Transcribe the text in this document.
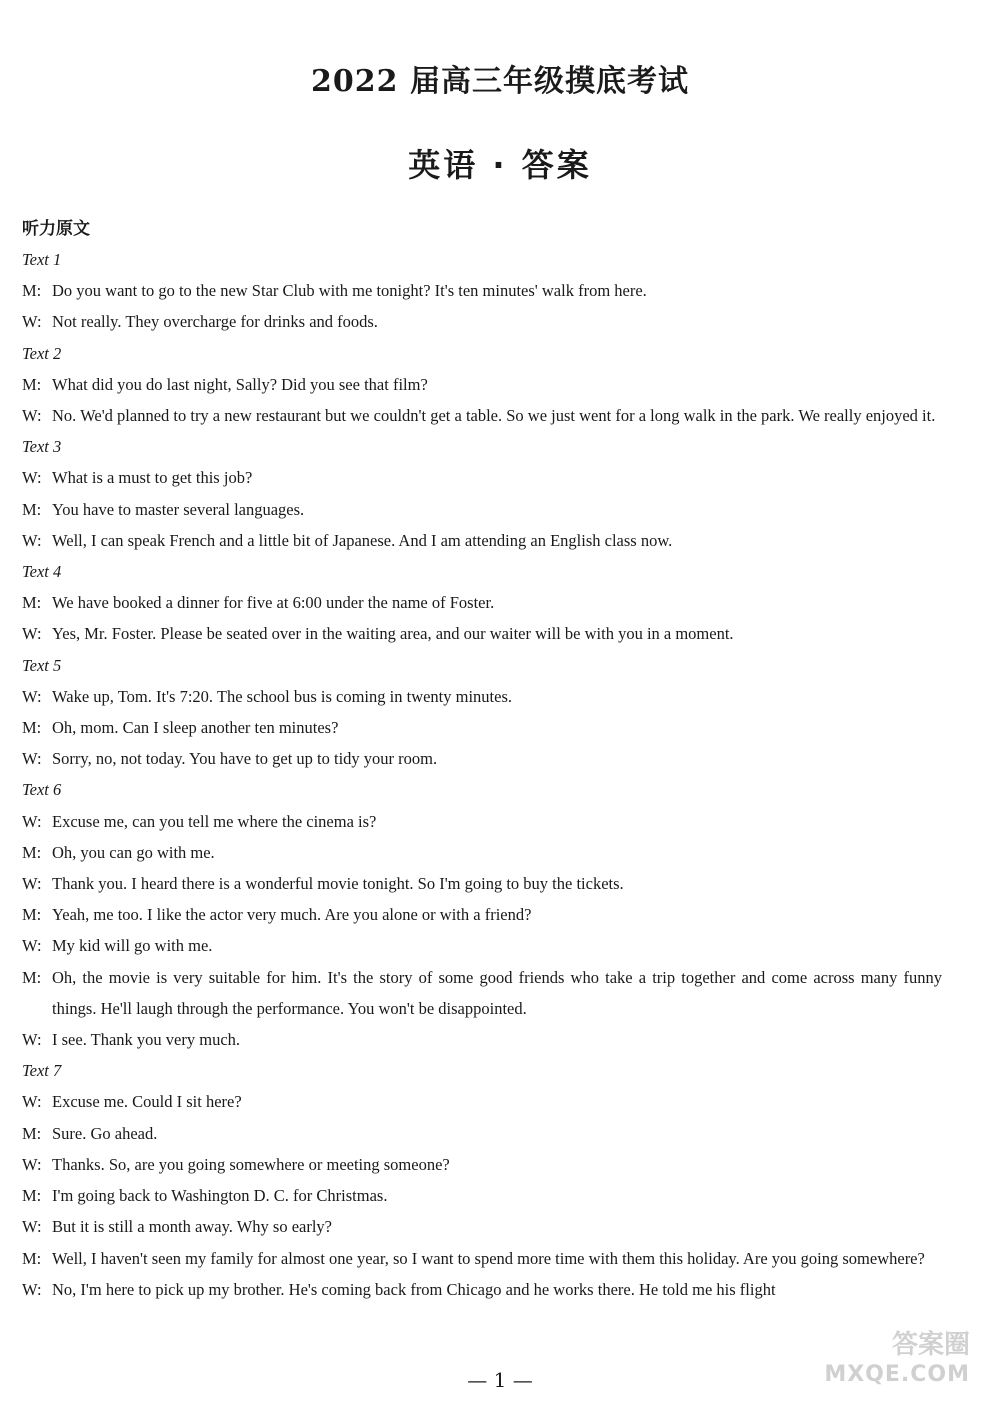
2022 届高三年级摸底考试
英语 · 答案
听力原文
Text 1
M: Do you want to go to the new Star Club with me tonight? It's ten minutes' walk from here.
W: Not really. They overcharge for drinks and foods.
Text 2
M: What did you do last night, Sally? Did you see that film?
W: No. We'd planned to try a new restaurant but we couldn't get a table. So we just went for a long walk in the park. We really enjoyed it.
Text 3
W: What is a must to get this job?
M: You have to master several languages.
W: Well, I can speak French and a little bit of Japanese. And I am attending an English class now.
Text 4
M: We have booked a dinner for five at 6:00 under the name of Foster.
W: Yes, Mr. Foster. Please be seated over in the waiting area, and our waiter will be with you in a moment.
Text 5
W: Wake up, Tom. It's 7:20. The school bus is coming in twenty minutes.
M: Oh, mom. Can I sleep another ten minutes?
W: Sorry, no, not today. You have to get up to tidy your room.
Text 6
W: Excuse me, can you tell me where the cinema is?
M: Oh, you can go with me.
W: Thank you. I heard there is a wonderful movie tonight. So I'm going to buy the tickets.
M: Yeah, me too. I like the actor very much. Are you alone or with a friend?
W: My kid will go with me.
M: Oh, the movie is very suitable for him. It's the story of some good friends who take a trip together and come across many funny things. He'll laugh through the performance. You won't be disappointed.
W: I see. Thank you very much.
Text 7
W: Excuse me. Could I sit here?
M: Sure. Go ahead.
W: Thanks. So, are you going somewhere or meeting someone?
M: I'm going back to Washington D. C. for Christmas.
W: But it is still a month away. Why so early?
M: Well, I haven't seen my family for almost one year, so I want to spend more time with them this holiday. Are you going somewhere?
W: No, I'm here to pick up my brother. He's coming back from Chicago and he works there. He told me his flight
— 1 —
答案圈
MXQE.COM
